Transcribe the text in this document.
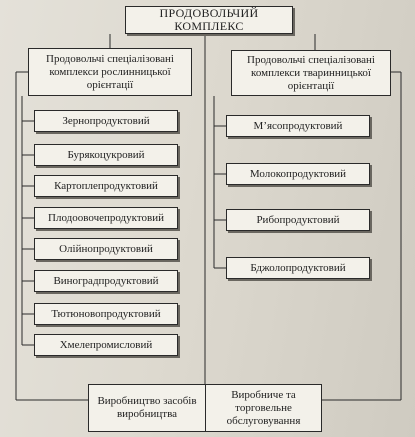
ПРОДОВОЛЬЧИЙ КОМПЛЕКС
Продовольчі спеціалізовані комплекси рослинницької орієнтації
Продовольчі спеціалізовані комплекси тваринницької орієнтації
Зернопродуктовий
Бурякоцукровий
Картоплепродуктовий
Плодоовочепродуктовий
Олійнопродуктовий
Виноградпродуктовий
Тютюновопродуктовий
Хмелепромисловий
М’ясопродуктовий
Молокопродуктовий
Рибопродуктовий
Бджолопродуктовий
Виробництво засобів виробництва
Виробниче та торговельне обслуговування
